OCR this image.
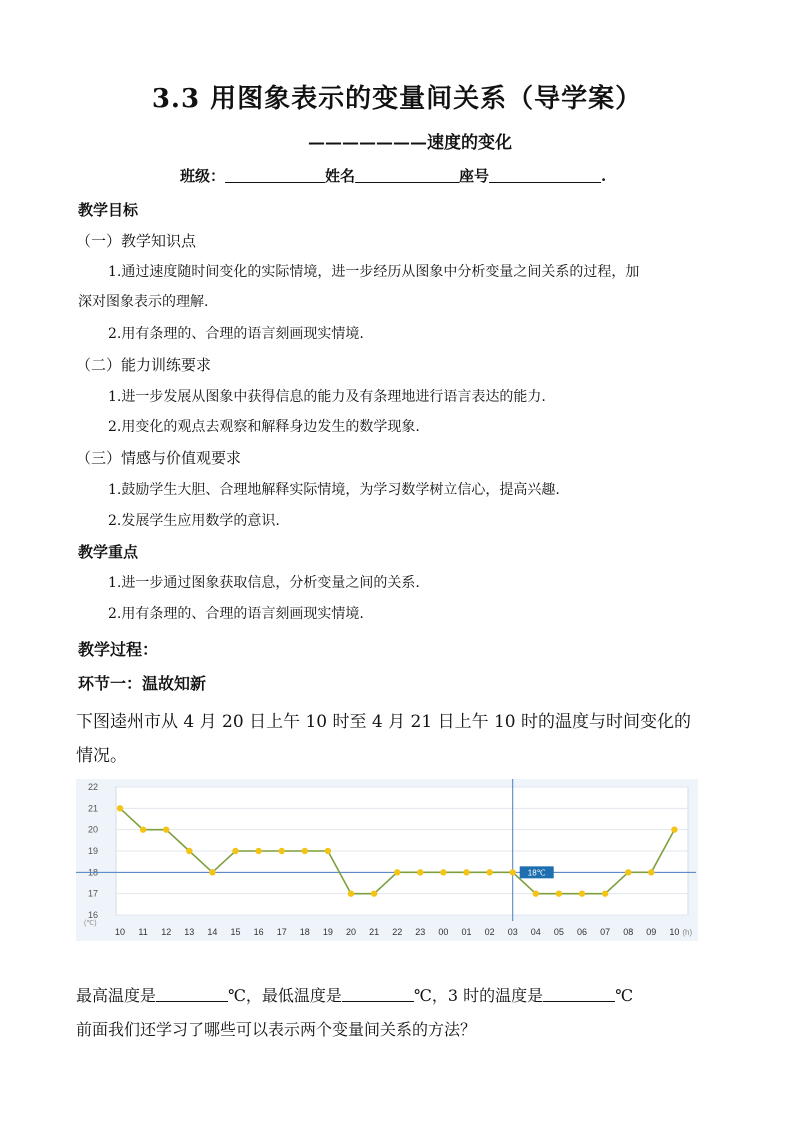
3.3 用图象表示的变量间关系（导学案）
———————速度的变化
班级：	姓名	座号	.
教学目标
（一）教学知识点
1.通过速度随时间变化的实际情境，进一步经历从图象中分析变量之间关系的过程，加
深对图象表示的理解.
2.用有条理的、合理的语言刻画现实情境.
（二）能力训练要求
1.进一步发展从图象中获得信息的能力及有条理地进行语言表达的能力.
2.用变化的观点去观察和解释身边发生的数学现象.
（三）情感与价值观要求
1.鼓励学生大胆、合理地解释实际情境，为学习数学树立信心，提高兴趣.
2.发展学生应用数学的意识.
教学重点
1.进一步通过图象获取信息，分析变量之间的关系.
2.用有条理的、合理的语言刻画现实情境.
教学过程：
环节一：温故知新
下图逵州市从 4 月 20 日上午 10 时至 4 月 21 日上午 10 时的温度与时间变化的
情况。
16
17
18
19
20
21
22
(℃)
10 11 12 13 14 15 16 17 18 19 20 21 22 23 00 01 02 03 04 05 06 07 08 09 10 (h)
18℃
最高温度是	℃，最低温度是	℃，3 时的温度是	℃
前面我们还学习了哪些可以表示两个变量间关系的方法？
